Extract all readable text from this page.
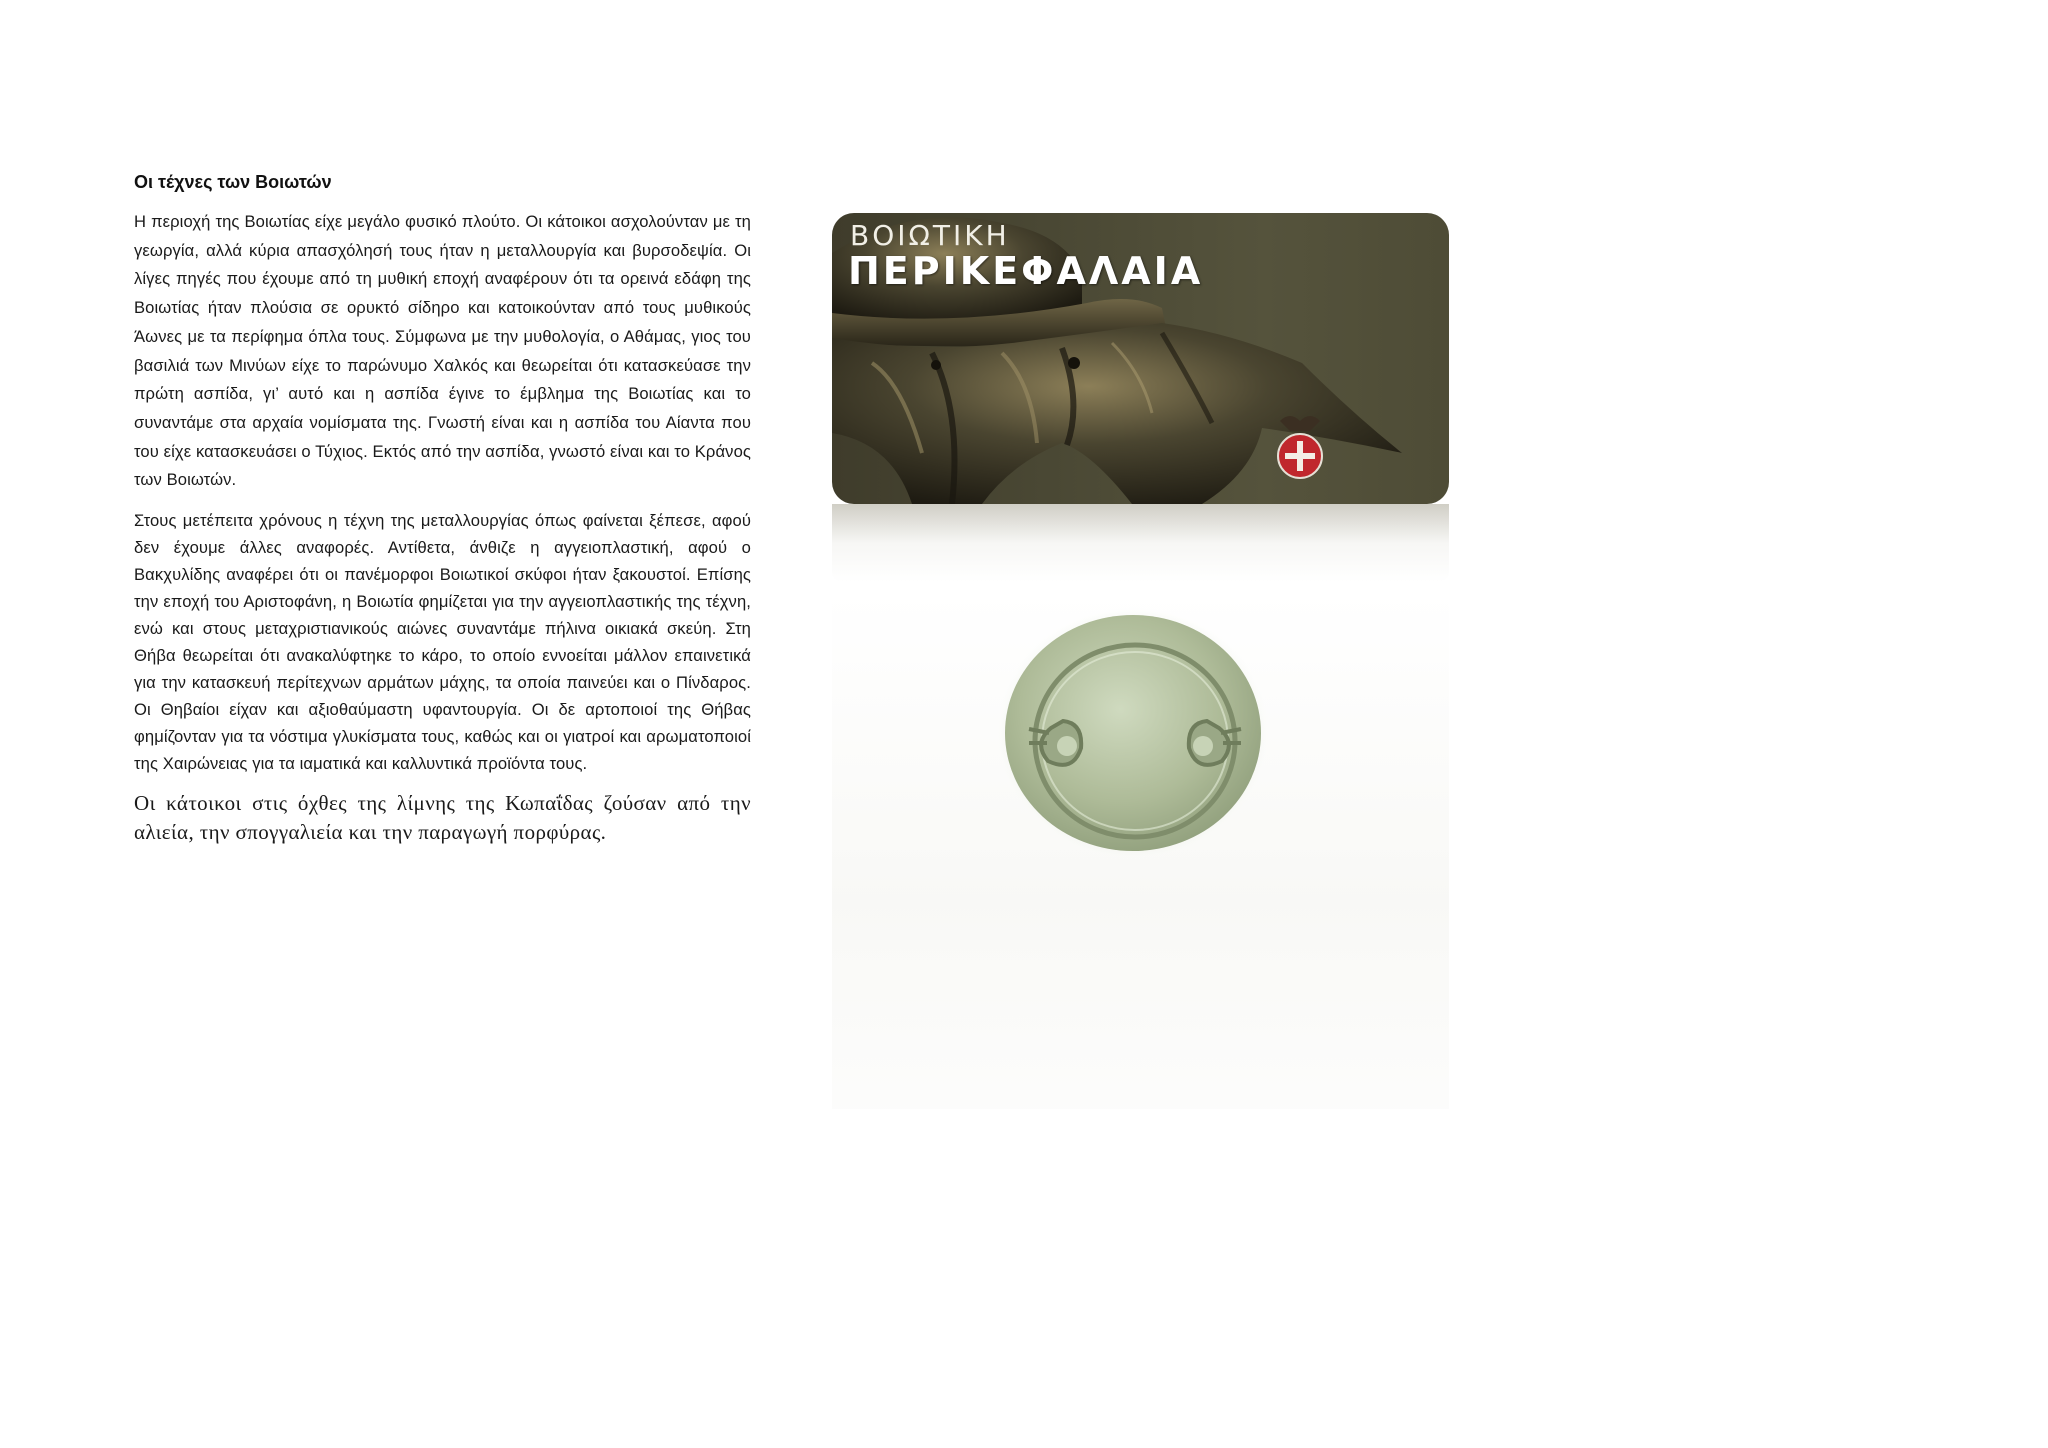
Οι τέχνες των Βοιωτών

Η περιοχή της Βοιωτίας είχε μεγάλο φυσικό πλούτο. Οι κάτοικοι ασχολούνταν με τη γεωργία, αλλά κύρια απασχόλησή τους ήταν η μεταλλουργία και βυρσοδεψία. Οι λίγες πηγές που έχουμε από τη μυθική εποχή αναφέρουν ότι τα ορεινά εδάφη της Βοιωτίας ήταν πλούσια σε ορυκτό σίδηρο και κατοικούνταν από τους μυθικούς Άωνες με τα περίφημα όπλα τους. Σύμφωνα με την μυθολογία, ο Αθάμας, γιος του βασιλιά των Μινύων είχε το παρώνυμο Χαλκός και θεωρείται ότι κατασκεύασε την πρώτη ασπίδα, γι’ αυτό και η ασπίδα έγινε το έμβλημα της Βοιωτίας και το συναντάμε στα αρχαία νομίσματα της. Γνωστή είναι και η ασπίδα του Αίαντα που του είχε κατασκευάσει ο Τύχιος. Εκτός από την ασπίδα, γνωστό είναι και το Κράνος των Βοιωτών.

Στους μετέπειτα χρόνους η τέχνη της μεταλλουργίας όπως φαίνεται ξέπεσε, αφού δεν έχουμε άλλες αναφορές. Αντίθετα, άνθιζε η αγγειοπλαστική, αφού ο Βακχυλίδης αναφέρει ότι οι πανέμορφοι Βοιωτικοί σκύφοι ήταν ξακουστοί. Επίσης την εποχή του Αριστοφάνη, η Βοιωτία φημίζεται για την αγγειοπλαστικής της τέχνη, ενώ και στους μεταχριστιανικούς αιώνες συναντάμε πήλινα οικιακά σκεύη. Στη Θήβα θεωρείται ότι ανακαλύφτηκε το κάρο, το οποίο εννοείται μάλλον επαινετικά για την κατασκευή περίτεχνων αρμάτων μάχης, τα οποία παινεύει και ο Πίνδαρος. Οι Θηβαίοι είχαν και αξιοθαύμαστη υφαντουργία. Οι δε αρτοποιοί της Θήβας φημίζονταν για τα νόστιμα γλυκίσματα τους, καθώς και οι γιατροί και αρωματοποιοί της Χαιρώνειας για τα ιαματικά και καλλυντικά προϊόντα τους.

Οι κάτοικοι στις όχθες της λίμνης της Κωπαΐδας ζούσαν από την αλιεία, την σπογγαλιεία και την παραγωγή πορφύρας.

ΒΟΙΩΤΙΚΗ
ΠΕΡΙΚΕΦΑΛΑΙΑ
